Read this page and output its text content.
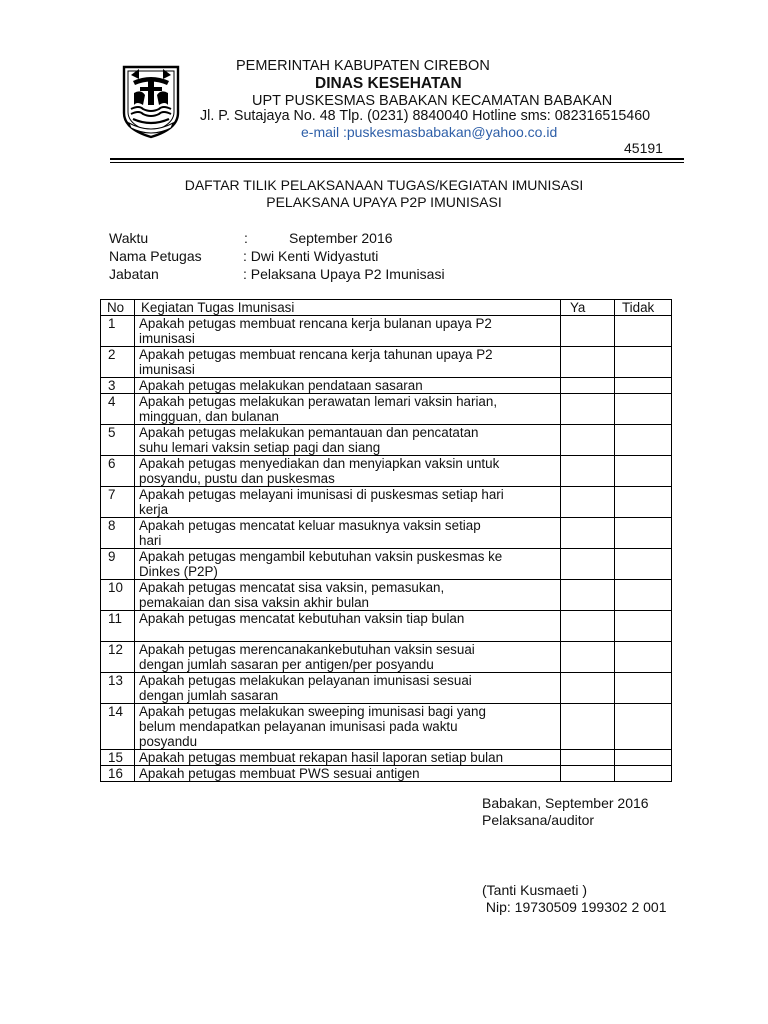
PEMERINTAH KABUPATEN CIREBON
DINAS KESEHATAN
UPT PUSKESMAS BABAKAN KECAMATAN BABAKAN
Jl. P. Sutajaya No. 48 Tlp. (0231) 8840040 Hotline sms: 082316515460
e-mail :puskesmasbabakan@yahoo.co.id
45191
DAFTAR TILIK PELAKSANAAN TUGAS/KEGIATAN IMUNISASI
PELAKSANA UPAYA P2P IMUNISASI
Waktu	:	September 2016
Nama Petugas	: Dwi Kenti Widyastuti
Jabatan	: Pelaksana Upaya P2 Imunisasi
No	Kegiatan Tugas Imunisasi	Ya	Tidak
1	Apakah petugas membuat rencana kerja bulanan upaya P2
imunisasi		

2	Apakah petugas membuat rencana kerja tahunan upaya P2
imunisasi		

3	Apakah petugas melakukan pendataan sasaran		

4	Apakah petugas melakukan perawatan lemari vaksin harian,
mingguan, dan bulanan		

5	Apakah petugas melakukan pemantauan dan pencatatan
suhu lemari vaksin setiap pagi dan siang		

6	Apakah petugas menyediakan dan menyiapkan vaksin untuk
posyandu, pustu dan puskesmas		

7	Apakah petugas melayani imunisasi di puskesmas setiap hari
kerja		

8	Apakah petugas mencatat keluar masuknya vaksin setiap
hari		

9	Apakah petugas mengambil kebutuhan vaksin puskesmas ke
Dinkes (P2P)		

10	Apakah petugas mencatat sisa vaksin, pemasukan,
pemakaian dan sisa vaksin akhir bulan		

11	Apakah petugas mencatat kebutuhan vaksin tiap bulan		

12	Apakah petugas merencanakankebutuhan vaksin sesuai
dengan jumlah sasaran per antigen/per posyandu		

13	Apakah petugas melakukan pelayanan imunisasi sesuai
dengan jumlah sasaran		

14	Apakah petugas melakukan sweeping imunisasi bagi yang
belum mendapatkan pelayanan imunisasi pada waktu
posyandu		

15	Apakah petugas membuat rekapan hasil laporan setiap bulan		

16	Apakah petugas membuat PWS sesuai antigen		

Babakan, September 2016
Pelaksana/auditor
(Tanti Kusmaeti )
Nip: 19730509 199302 2 001
